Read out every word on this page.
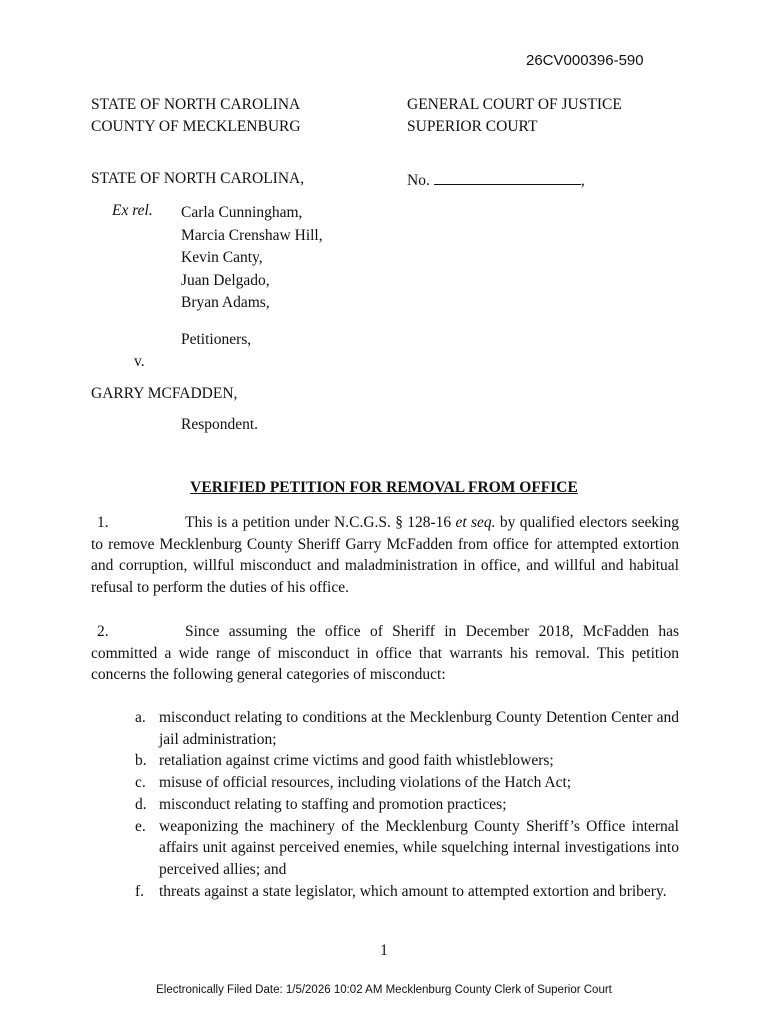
26CV000396-590
STATE OF NORTH CAROLINA
COUNTY OF MECKLENBURG
GENERAL COURT OF JUSTICE
SUPERIOR COURT
STATE OF NORTH CAROLINA,	No.	,
Ex rel. Carla Cunningham,
Marcia Crenshaw Hill,
Kevin Canty,
Juan Delgado,
Bryan Adams,
Petitioners,
v.
GARRY MCFADDEN,
Respondent.
VERIFIED PETITION FOR REMOVAL FROM OFFICE
1.	This is a petition under N.C.G.S. § 128-16 et seq. by qualified electors seeking to remove Mecklenburg County Sheriff Garry McFadden from office for attempted extortion and corruption, willful misconduct and maladministration in office, and willful and habitual refusal to perform the duties of his office.
2.	Since assuming the office of Sheriff in December 2018, McFadden has committed a wide range of misconduct in office that warrants his removal. This petition concerns the following general categories of misconduct:
a. misconduct relating to conditions at the Mecklenburg County Detention Center and jail administration;
b. retaliation against crime victims and good faith whistleblowers;
c. misuse of official resources, including violations of the Hatch Act;
d. misconduct relating to staffing and promotion practices;
e. weaponizing the machinery of the Mecklenburg County Sheriff’s Office internal affairs unit against perceived enemies, while squelching internal investigations into perceived allies; and
f. threats against a state legislator, which amount to attempted extortion and bribery.
1
Electronically Filed Date: 1/5/2026 10:02 AM Mecklenburg County Clerk of Superior Court
